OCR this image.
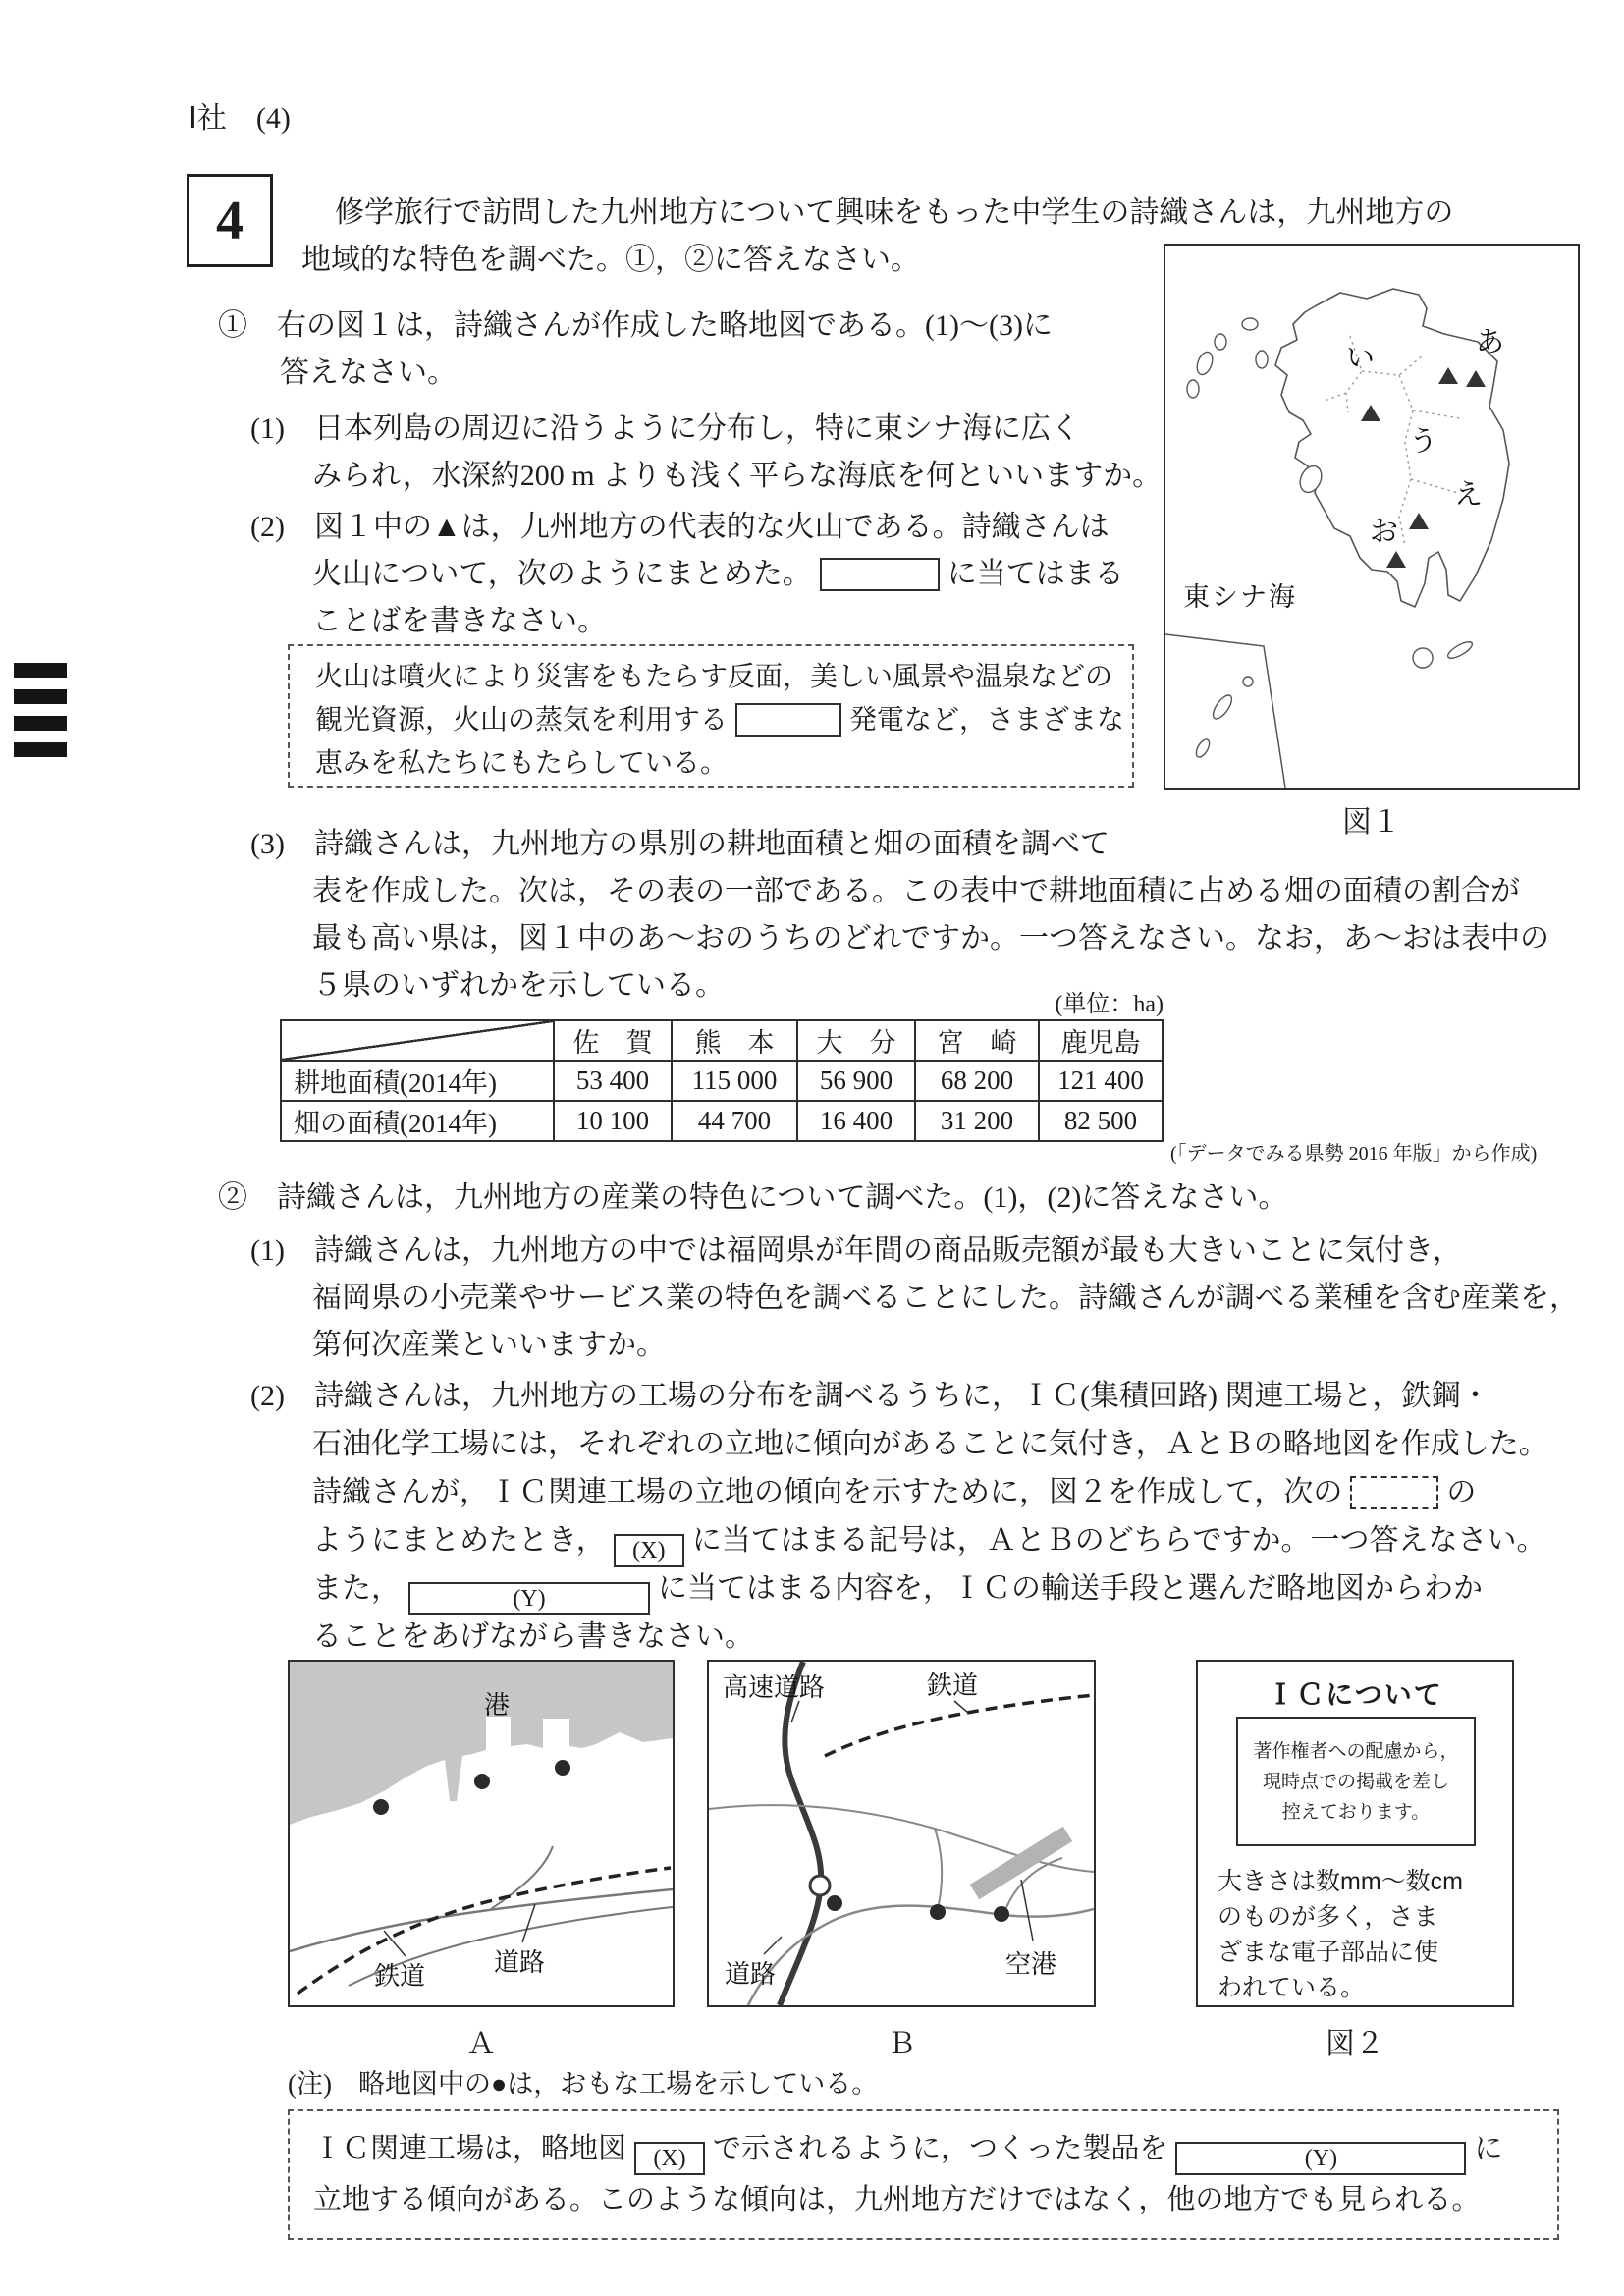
Ⅰ社　(4)
4	修学旅行で訪問した九州地方について興味をもった中学生の詩織さんは，九州地方の
地域的な特色を調べた。①，②に答えなさい。
①　右の図１は，詩織さんが作成した略地図である。(1)～(3)に
答えなさい。
(1)　日本列島の周辺に沿うように分布し，特に東シナ海に広く
みられ，水深約200 m よりも浅く平らな海底を何といいますか。
(2)　図１中の▲は，九州地方の代表的な火山である。詩織さんは
火山について，次のようにまとめた。	に当てはまる
ことばを書きなさい。
火山は噴火により災害をもたらす反面，美しい風景や温泉などの
観光資源，火山の蒸気を利用する	発電など，さまざまな
恵みを私たちにもたらしている。
(3)　詩織さんは，九州地方の県別の耕地面積と畑の面積を調べて
表を作成した。次は，その表の一部である。この表中で耕地面積に占める畑の面積の割合が
最も高い県は，図１中のあ～おのうちのどれですか。一つ答えなさい。なお，あ～おは表中の
５県のいずれかを示している。
(単位：ha)
	佐　賀	熊　本	大　分	宮　崎	鹿児島
耕地面積(2014年)	53 400	115 000	56 900	68 200	121 400
畑の面積(2014年)	10 100	44 700	16 400	31 200	82 500
(「データでみる県勢 2016 年版」から作成)
あ
い
う
え
お
東シナ海
図１
②　詩織さんは，九州地方の産業の特色について調べた。(1)，(2)に答えなさい。
(1)　詩織さんは，九州地方の中では福岡県が年間の商品販売額が最も大きいことに気付き，
福岡県の小売業やサービス業の特色を調べることにした。詩織さんが調べる業種を含む産業を，
第何次産業といいますか。
(2)　詩織さんは，九州地方の工場の分布を調べるうちに，ＩＣ(集積回路) 関連工場と，鉄鋼・
石油化学工場には，それぞれの立地に傾向があることに気付き，ＡとＢの略地図を作成した。
詩織さんが，ＩＣ関連工場の立地の傾向を示すために，図２を作成して，次の	の
ようにまとめたとき， (X) に当てはまる記号は，ＡとＢのどちらですか。一つ答えなさい。
また，	(Y)	に当てはまる内容を，ＩＣの輸送手段と選んだ略地図からわか
ることをあげながら書きなさい。
港
道路
鉄道
高速道路	鉄道
道路	空港
ＩＣについて
著作権者への配慮から，
現時点での掲載を差し
控えております。
大きさは数mm～数cm
のものが多く，さま
ざまな電子部品に使
われている。
Ａ	Ｂ	図２
(注)　略地図中の●は，おもな工場を示している。
ＩＣ関連工場は，略地図 (X) で示されるように，つくった製品を	(Y)	に
立地する傾向がある。このような傾向は，九州地方だけではなく，他の地方でも見られる。
